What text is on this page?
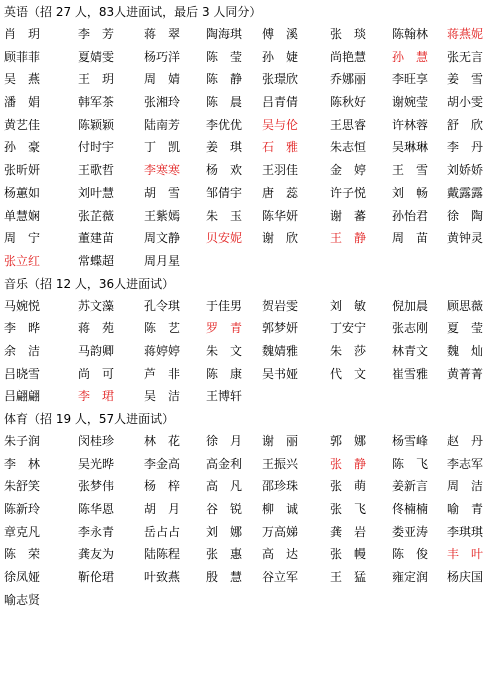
英语（招 27 人，83人进面试，最后 3 人同分）
肖　玥	李　芳 蒋　翠 陶海琪 傅　溪	张　琰 陈翰林 蒋燕妮
顾菲菲	夏婧雯 杨巧洋 陈　莹 孙　婕	尚艳慧 孙　慧 张无言
吴　燕	王　玥 周　婧 陈　静 张璟欣	乔娜丽 李旺享 姜　雪
潘　娟	韩军茶 张湘玲 陈　晨 吕青倩	陈秋好 谢婉莹 胡小雯
黄艺佳	陈颖颖 陆南芳 李优优 吴与伦	王思睿 许林蓉 舒　欣
孙　豪	付时宇 丁　凯 姜　琪 石　雅	朱志恒 吴琳琳 李　丹
张昕妍	王歌哲 李寒寒 杨　欢 王羽佳	金　婷 王　雪 刘娇娇
杨蕙如	刘叶慧 胡　雪 邹倩宇 唐　蕊	许子悦 刘　畅 戴露露
单慧娴	张芷薇 王紫嫣 朱　玉 陈华妍	谢　蕃 孙怡君 徐　陶
周　宁	董建苗 周文静 贝安妮 谢　欣	王　静 周　苗 黄钟灵
张立红	常蝶超 周月星
音乐（招 12 人，36人进面试）
马婉悦	苏文藻 孔令琪 于佳男 贺岩雯	刘　敏 倪加晨 顾思薇
李　晔	蒋　苑 陈　艺 罗　青 郭梦妍	丁安宁 张志刚 夏　莹
余　洁	马韵卿 蒋婷婷 朱　文 魏婧雅	朱　莎 林青文 魏　灿
吕晓雪	尚　可 芦　非 陈　康 吴书娅	代　文 崔雪雅 黄菁菁
吕翩翩	李　珺 吴　洁 王博轩
体育（招 19 人，57人进面试）
朱子润	闵桂珍 林　花 徐　月 谢　丽	郭　娜 杨雪峰 赵　丹
李　林	吴光晔 李金高 高金利 王振兴	张　静 陈　飞 李志军
朱舒笑	张梦伟 杨　梓 高　凡 邵珍珠	张　萌 姜新言 周　洁
陈新玲	陈华恩 胡　月 谷　锐 柳　诚	张　飞 佟楠楠 喻　青
章克凡	李永青 岳占占 刘　娜 万高娣	龚　岩 娄亚涛 李琪琪
陈　荣	龚友为 陆陈程 张　惠 高　达	张　幔 陈　俊 丰　叶
徐凤娅	靳伦珺 叶致燕 殷　慧 谷立军	王　猛 雍定润 杨庆国
喻志贤
